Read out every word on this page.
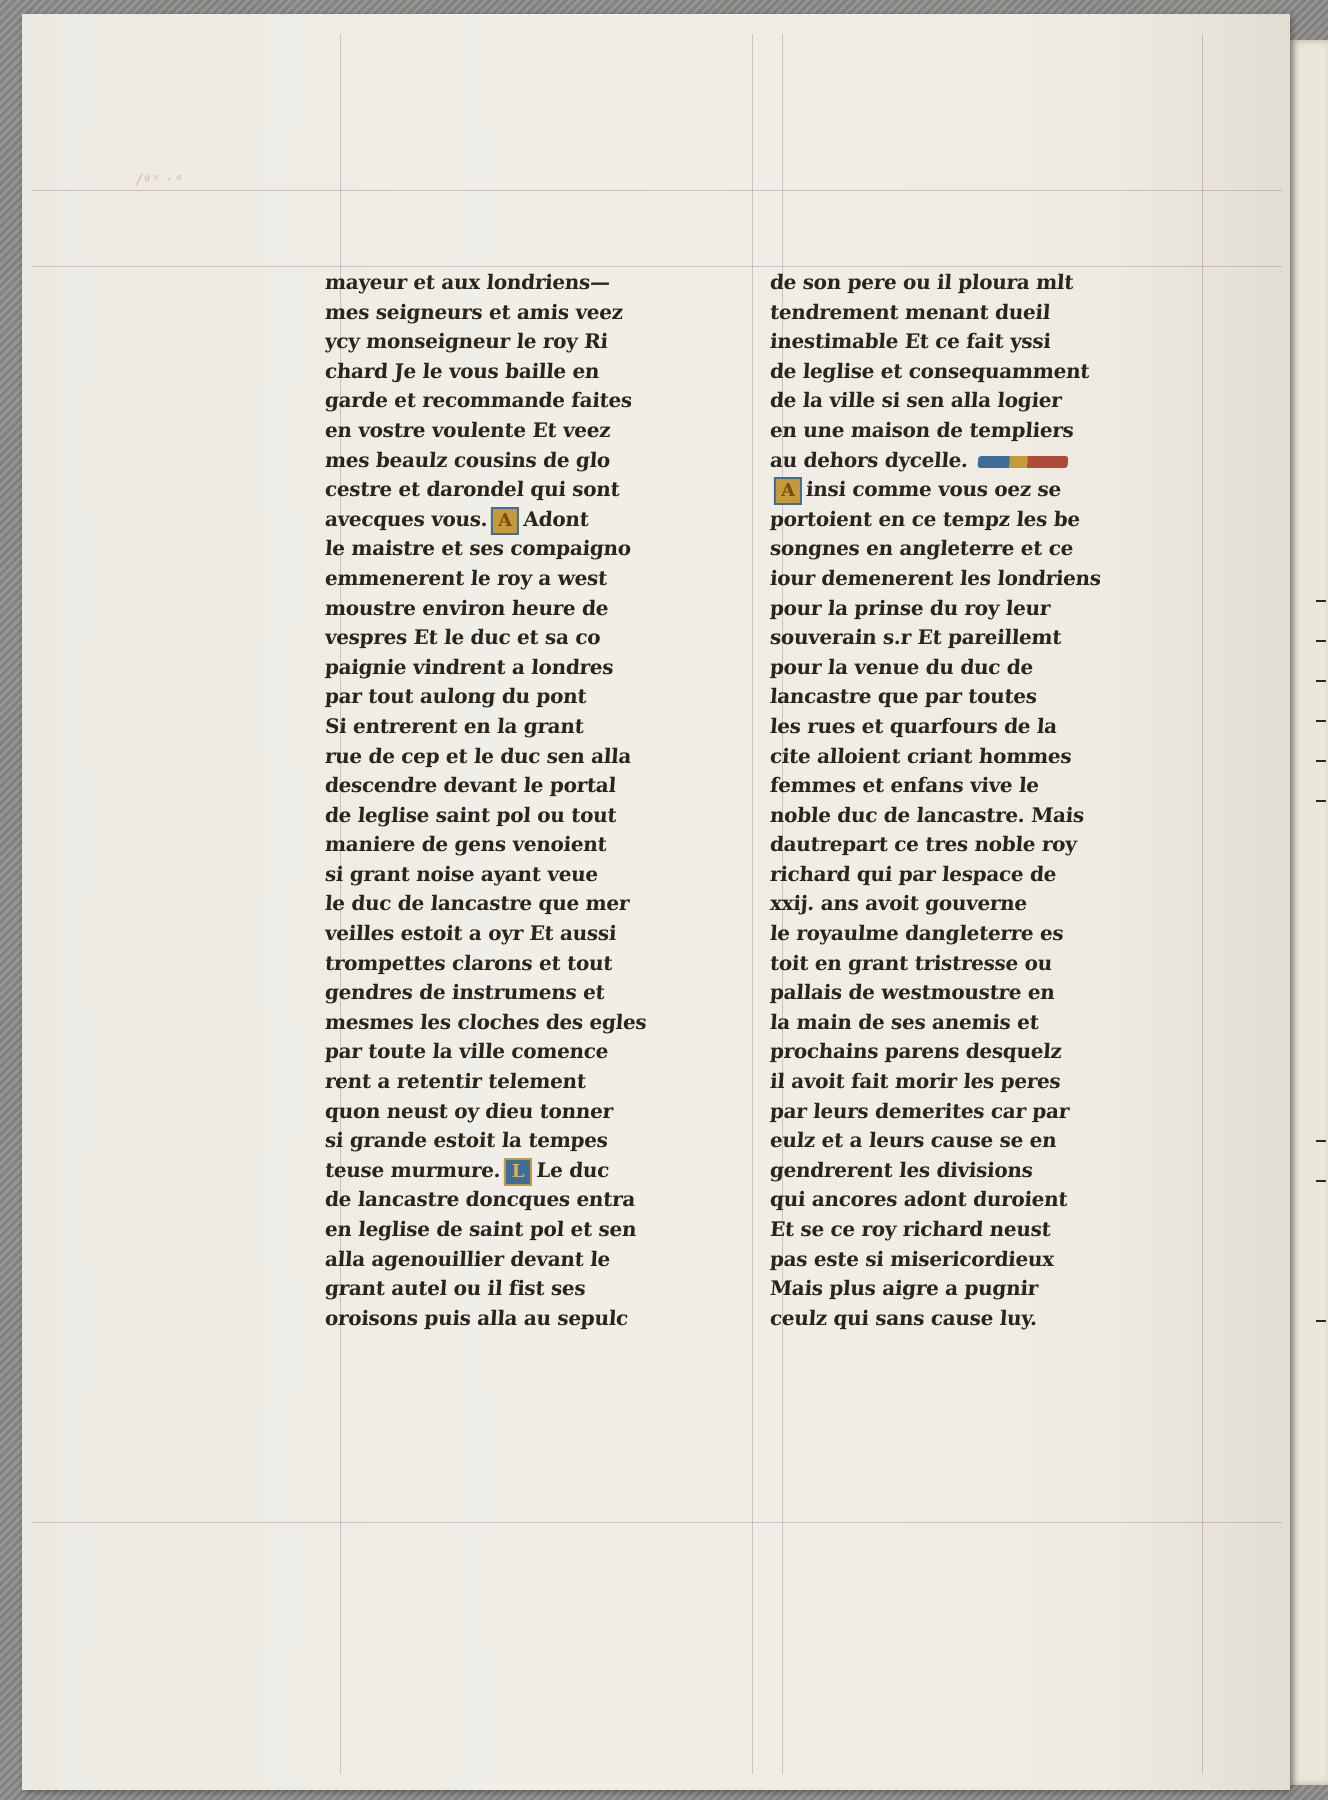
/ꝰ ᵛ ⸱ ᵃ
mayeur et aux londriens—
mes seigneurs et amis veez
ycy monseigneur le roy Ri
chard Je le vous baille en
garde et recommande faites
en vostre voulente Et veez
mes beaulz cousins de glo
cestre et darondel qui sont
avecques vous. A Adont
le maistre et ses compaigno
emmenerent le roy a west
moustre environ heure de
vespres Et le duc et sa co
paignie vindrent a londres
par tout aulong du pont
Si entrerent en la grant
rue de cep et le duc sen alla
descendre devant le portal
de leglise saint pol ou tout
maniere de gens venoient
si grant noise ayant veue
le duc de lancastre que mer
veilles estoit a oyr Et aussi
trompettes clarons et tout
gendres de instrumens et
mesmes les cloches des egles
par toute la ville comence
rent a retentir telement
quon neust oy dieu tonner
si grande estoit la tempes
teuse murmure. L Le duc
de lancastre doncques entra
en leglise de saint pol et sen
alla agenouillier devant le
grant autel ou il fist ses
oroisons puis alla au sepulc
de son pere ou il ploura mlt
tendrement menant dueil
inestimable Et ce fait yssi
de leglise et consequamment
de la ville si sen alla logier
en une maison de templiers
au dehors dycelle.
A insi comme vous oez se
portoient en ce tempz les be
songnes en angleterre et ce
iour demenerent les londriens
pour la prinse du roy leur
souverain s.r Et pareillemt
pour la venue du duc de
lancastre que par toutes
les rues et quarfours de la
cite alloient criant hommes
femmes et enfans vive le
noble duc de lancastre. Mais
dautrepart ce tres noble roy
richard qui par lespace de
xxij. ans avoit gouverne
le royaulme dangleterre es
toit en grant tristresse ou
pallais de westmoustre en
la main de ses anemis et
prochains parens desquelz
il avoit fait morir les peres
par leurs demerites car par
eulz et a leurs cause se en
gendrerent les divisions
qui ancores adont duroient
Et se ce roy richard neust
pas este si misericordieux
Mais plus aigre a pugnir
ceulz qui sans cause luy.
